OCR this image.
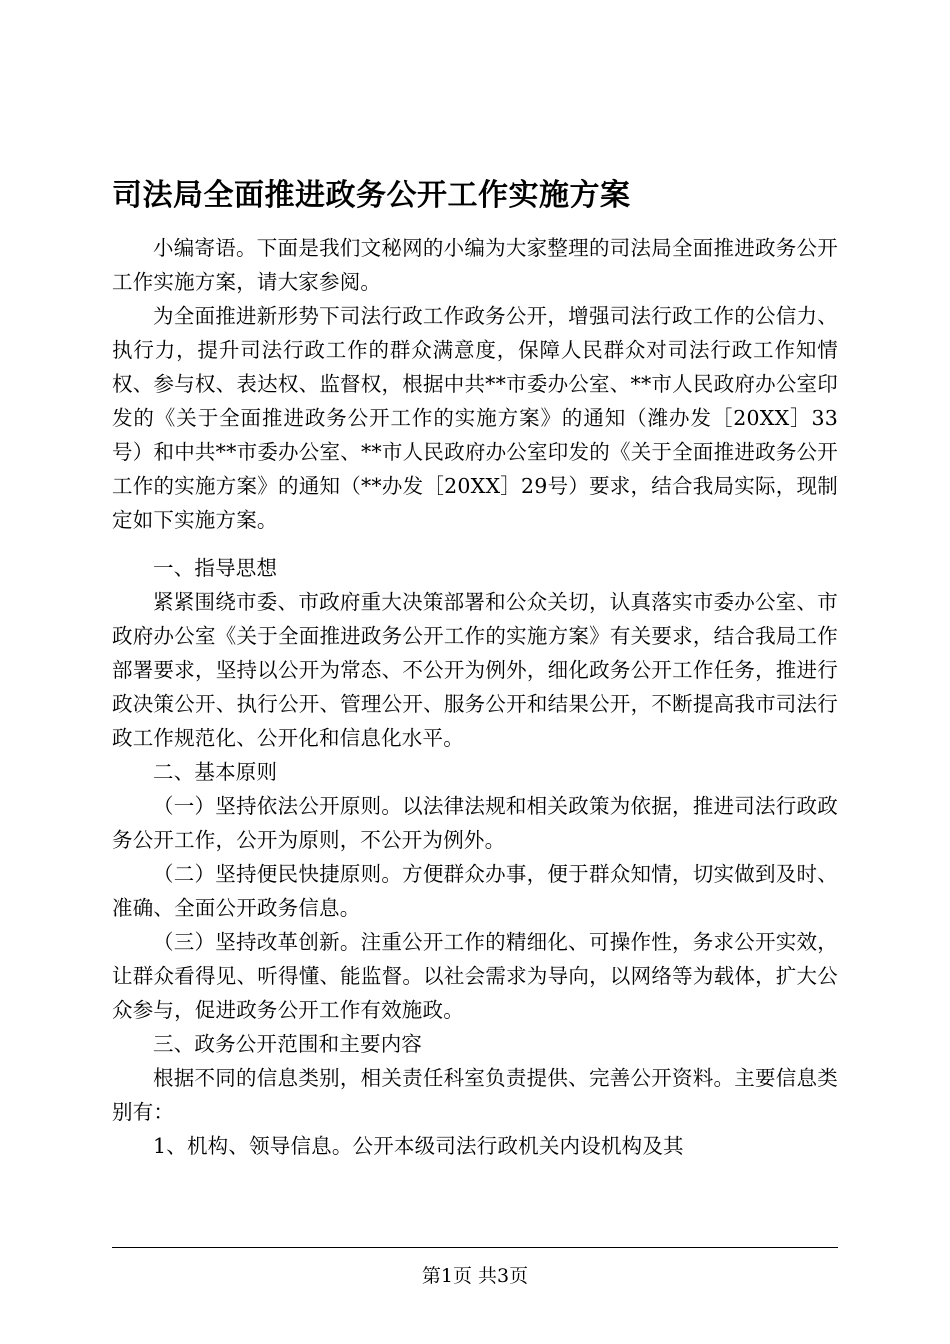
司法局全面推进政务公开工作实施方案

小编寄语。下面是我们文秘网的小编为大家整理的司法局全面推进政务公开工作实施方案，请大家参阅。

为全面推进新形势下司法行政工作政务公开，增强司法行政工作的公信力、执行力，提升司法行政工作的群众满意度，保障人民群众对司法行政工作知情权、参与权、表达权、监督权，根据中共**市委办公室、**市人民政府办公室印发的《关于全面推进政务公开工作的实施方案》的通知（潍办发［20XX］33号）和中共**市委办公室、**市人民政府办公室印发的《关于全面推进政务公开工作的实施方案》的通知（**办发［20XX］29号）要求，结合我局实际，现制定如下实施方案。

一、指导思想

紧紧围绕市委、市政府重大决策部署和公众关切，认真落实市委办公室、市政府办公室《关于全面推进政务公开工作的实施方案》有关要求，结合我局工作部署要求，坚持以公开为常态、不公开为例外，细化政务公开工作任务，推进行政决策公开、执行公开、管理公开、服务公开和结果公开，不断提高我市司法行政工作规范化、公开化和信息化水平。

二、基本原则

（一）坚持依法公开原则。以法律法规和相关政策为依据，推进司法行政政务公开工作，公开为原则，不公开为例外。

（二）坚持便民快捷原则。方便群众办事，便于群众知情，切实做到及时、准确、全面公开政务信息。

（三）坚持改革创新。注重公开工作的精细化、可操作性，务求公开实效，让群众看得见、听得懂、能监督。以社会需求为导向，以网络等为载体，扩大公众参与，促进政务公开工作有效施政。

三、政务公开范围和主要内容

根据不同的信息类别，相关责任科室负责提供、完善公开资料。主要信息类别有：

1、机构、领导信息。公开本级司法行政机关内设机构及其

第1页 共3页
